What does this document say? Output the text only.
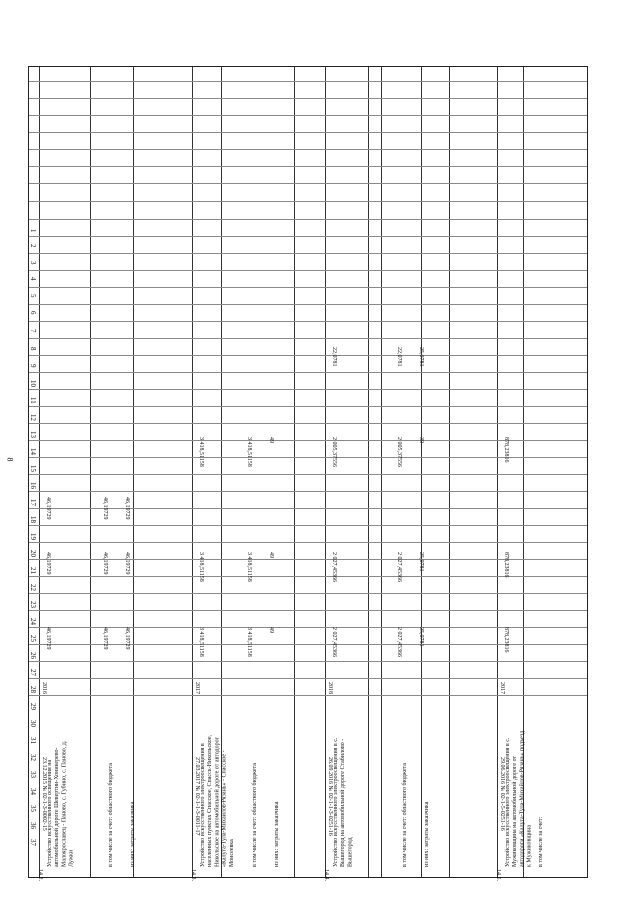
8
1
2
3
4
5
6
7
8
9
10
11
12
13
14
15
16
17
18
19
20
21
22
23
24
25
26
27
28
29
30
31
32
33
34
35
36
37
14.2.
Устройство искусственного освещения на автомобильной дороге Шевертни-Хоникерево-Малоярославец - Паново, с. Губино, с. Паново, д. Лужки
23.12.2015 № 02-1-3-0002-15
2016
46,19729
46,19729
46,19729
в том числе за счет: областного бюджета
46,19729
46,19729
46,19729
из них: затраты заказчика
46,19729
46,19729
46,19729
14.3.
Устройство искусственного электроосвещения в населенных пунктах Спасское, Спасск-Никольское, Никольское на автомобильной дороге от автодорог «Калуга-Тула-Михайлов-Рязань» - Спасское - Моисеевка
27.03.2017 № 02-1-1-3-0011-17
2017
3 418,51158
3 418,51158
3 418,51158
в том числе за счет: областного бюджета
3 418,51158
3 418,51158
3 418,51158
из них: затраты заказчика
49
49
49
14.4.
Устройство искусственного электроосвещения в с. Вышегород на автомобильной дороге Стабилово - Вышегород
26.09.2016 № 02-1-1-3-0251-16
2018
2 027,45366
2 027,45366
2 005,37556
22,0781
в том числе за счет: областного бюджета
2 027,45366
2 027,45366
2 005,37556
22,0781
из них: затраты заказчика
25,0781
25,0781
30
25,0781
14.5.
Устройство искусственного электроосвещения в с. Мужиковщина на автомобильной дороге от автодороги «Калуга-Тула-Михайлов-Рязань» подъезд к Мужиковщина
29.06.2016 № 02-1-5-0251-16
2017
878,23816
878,23816
878,23816
в том числе за счет:
